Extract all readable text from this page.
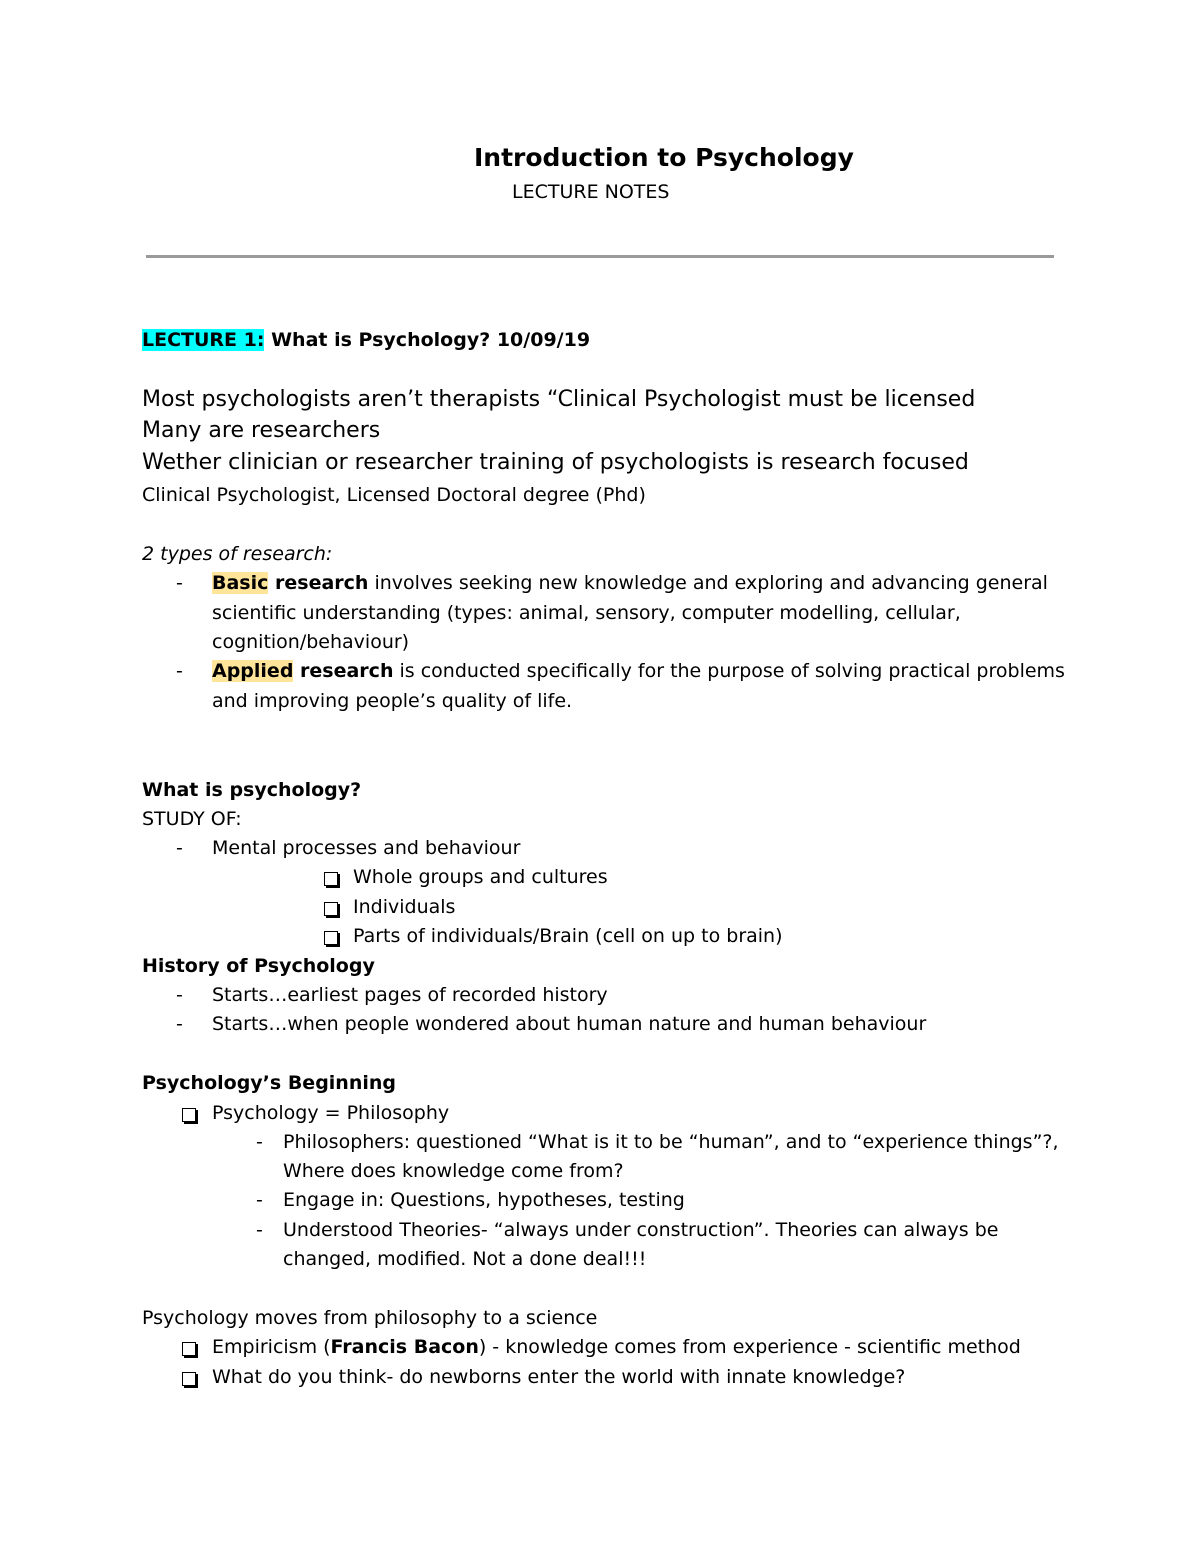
Introduction to Psychology
LECTURE NOTES
LECTURE 1: What is Psychology? 10/09/19
Most psychologists aren’t therapists “Clinical Psychologist must be licensed
Many are researchers
Wether clinician or researcher training of psychologists is research focused
Clinical Psychologist, Licensed Doctoral degree (Phd)
2 types of research:
- Basic research involves seeking new knowledge and exploring and advancing general
scientific understanding (types: animal, sensory, computer modelling, cellular,
cognition/behaviour)
- Applied research is conducted specifically for the purpose of solving practical problems
and improving people’s quality of life.
What is psychology?
STUDY OF:
- Mental processes and behaviour
Whole groups and cultures
Individuals
Parts of individuals/Brain (cell on up to brain)
History of Psychology
- Starts…earliest pages of recorded history
- Starts…when people wondered about human nature and human behaviour
Psychology’s Beginning
Psychology = Philosophy
- Philosophers: questioned “What is it to be “human”, and to “experience things”?,
Where does knowledge come from?
- Engage in: Questions, hypotheses, testing
- Understood Theories- “always under construction”. Theories can always be
changed, modified. Not a done deal!!!
Psychology moves from philosophy to a science
Empiricism (Francis Bacon) - knowledge comes from experience - scientific method
What do you think- do newborns enter the world with innate knowledge?
